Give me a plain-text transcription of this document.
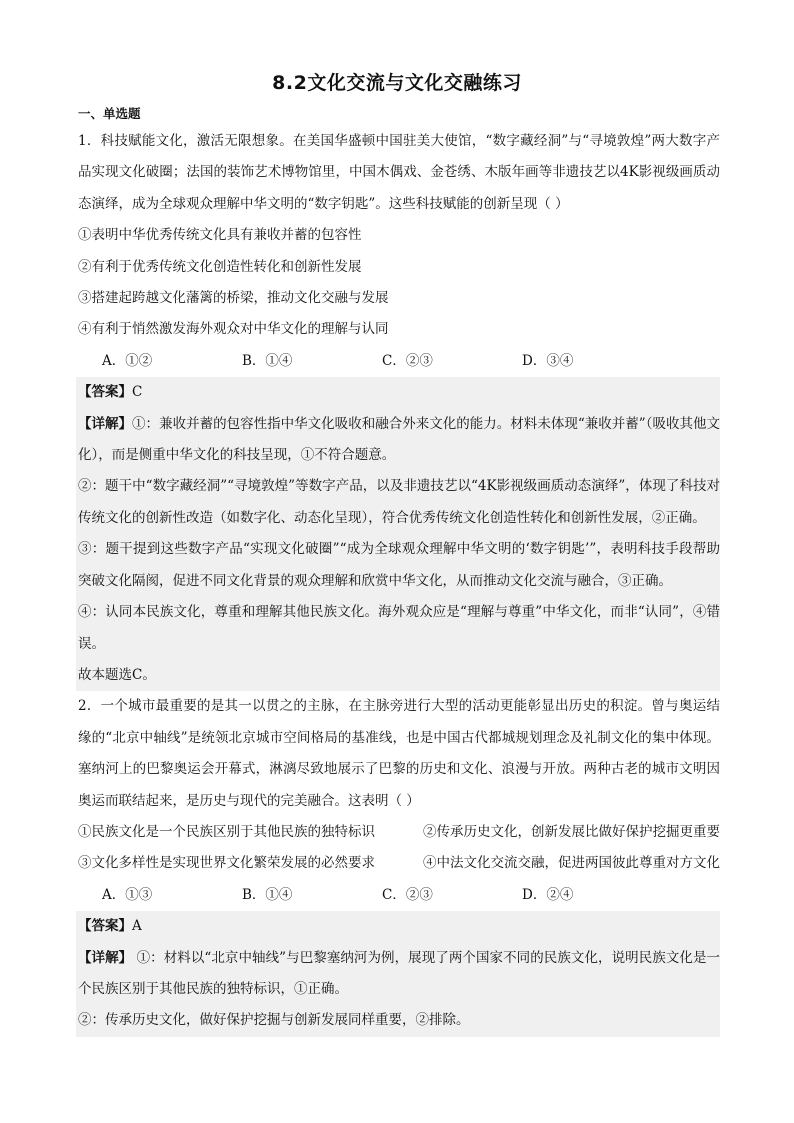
8.2文化交流与文化交融练习
一、单选题

1．科技赋能文化，激活无限想象。在美国华盛顿中国驻美大使馆，“数字藏经洞”与“寻境敦煌”两大数字产品实现文化破圈；法国的装饰艺术博物馆里，中国木偶戏、金苍绣、木版年画等非遗技艺以4K影视级画质动态演绎，成为全球观众理解中华文明的“数字钥匙”。这些科技赋能的创新呈现（ ）

①表明中华优秀传统文化具有兼收并蓄的包容性

②有利于优秀传统文化创造性转化和创新性发展

③搭建起跨越文化藩篱的桥梁，推动文化交融与发展

④有利于悄然激发海外观众对中华文化的理解与认同

A．①②	B．①④	C．②③	D．③④

【答案】C

【详解】①：兼收并蓄的包容性指中华文化吸收和融合外来文化的能力。材料未体现“兼收并蓄”（吸收其他文化），而是侧重中华文化的科技呈现，①不符合题意。

②：题干中“数字藏经洞”“寻境敦煌”等数字产品，以及非遗技艺以“4K影视级画质动态演绎”，体现了科技对传统文化的创新性改造（如数字化、动态化呈现），符合优秀传统文化创造性转化和创新性发展，②正确。

③：题干提到这些数字产品“实现文化破圈”“成为全球观众理解中华文明的‘数字钥匙’”，表明科技手段帮助突破文化隔阂，促进不同文化背景的观众理解和欣赏中华文化，从而推动文化交流与融合，③正确。

④：认同本民族文化，尊重和理解其他民族文化。海外观众应是“理解与尊重”中华文化，而非“认同”，④错误。

故本题选C。

2．一个城市最重要的是其一以贯之的主脉，在主脉旁进行大型的活动更能彰显出历史的积淀。曾与奥运结缘的“北京中轴线”是统领北京城市空间格局的基准线，也是中国古代都城规划理念及礼制文化的集中体现。塞纳河上的巴黎奥运会开幕式，淋漓尽致地展示了巴黎的历史和文化、浪漫与开放。两种古老的城市文明因奥运而联结起来，是历史与现代的完美融合。这表明（ ）

①民族文化是一个民族区别于其他民族的独特标识	②传承历史文化，创新发展比做好保护挖掘更重要
③文化多样性是实现世界文化繁荣发展的必然要求	④中法文化交流交融，促进两国彼此尊重对方文化
A．①③	B．①④	C．②③	D．②④

【答案】A

【详解】 ①：材料以“北京中轴线”与巴黎塞纳河为例，展现了两个国家不同的民族文化，说明民族文化是一个民族区别于其他民族的独特标识，①正确。

②：传承历史文化，做好保护挖掘与创新发展同样重要，②排除。
